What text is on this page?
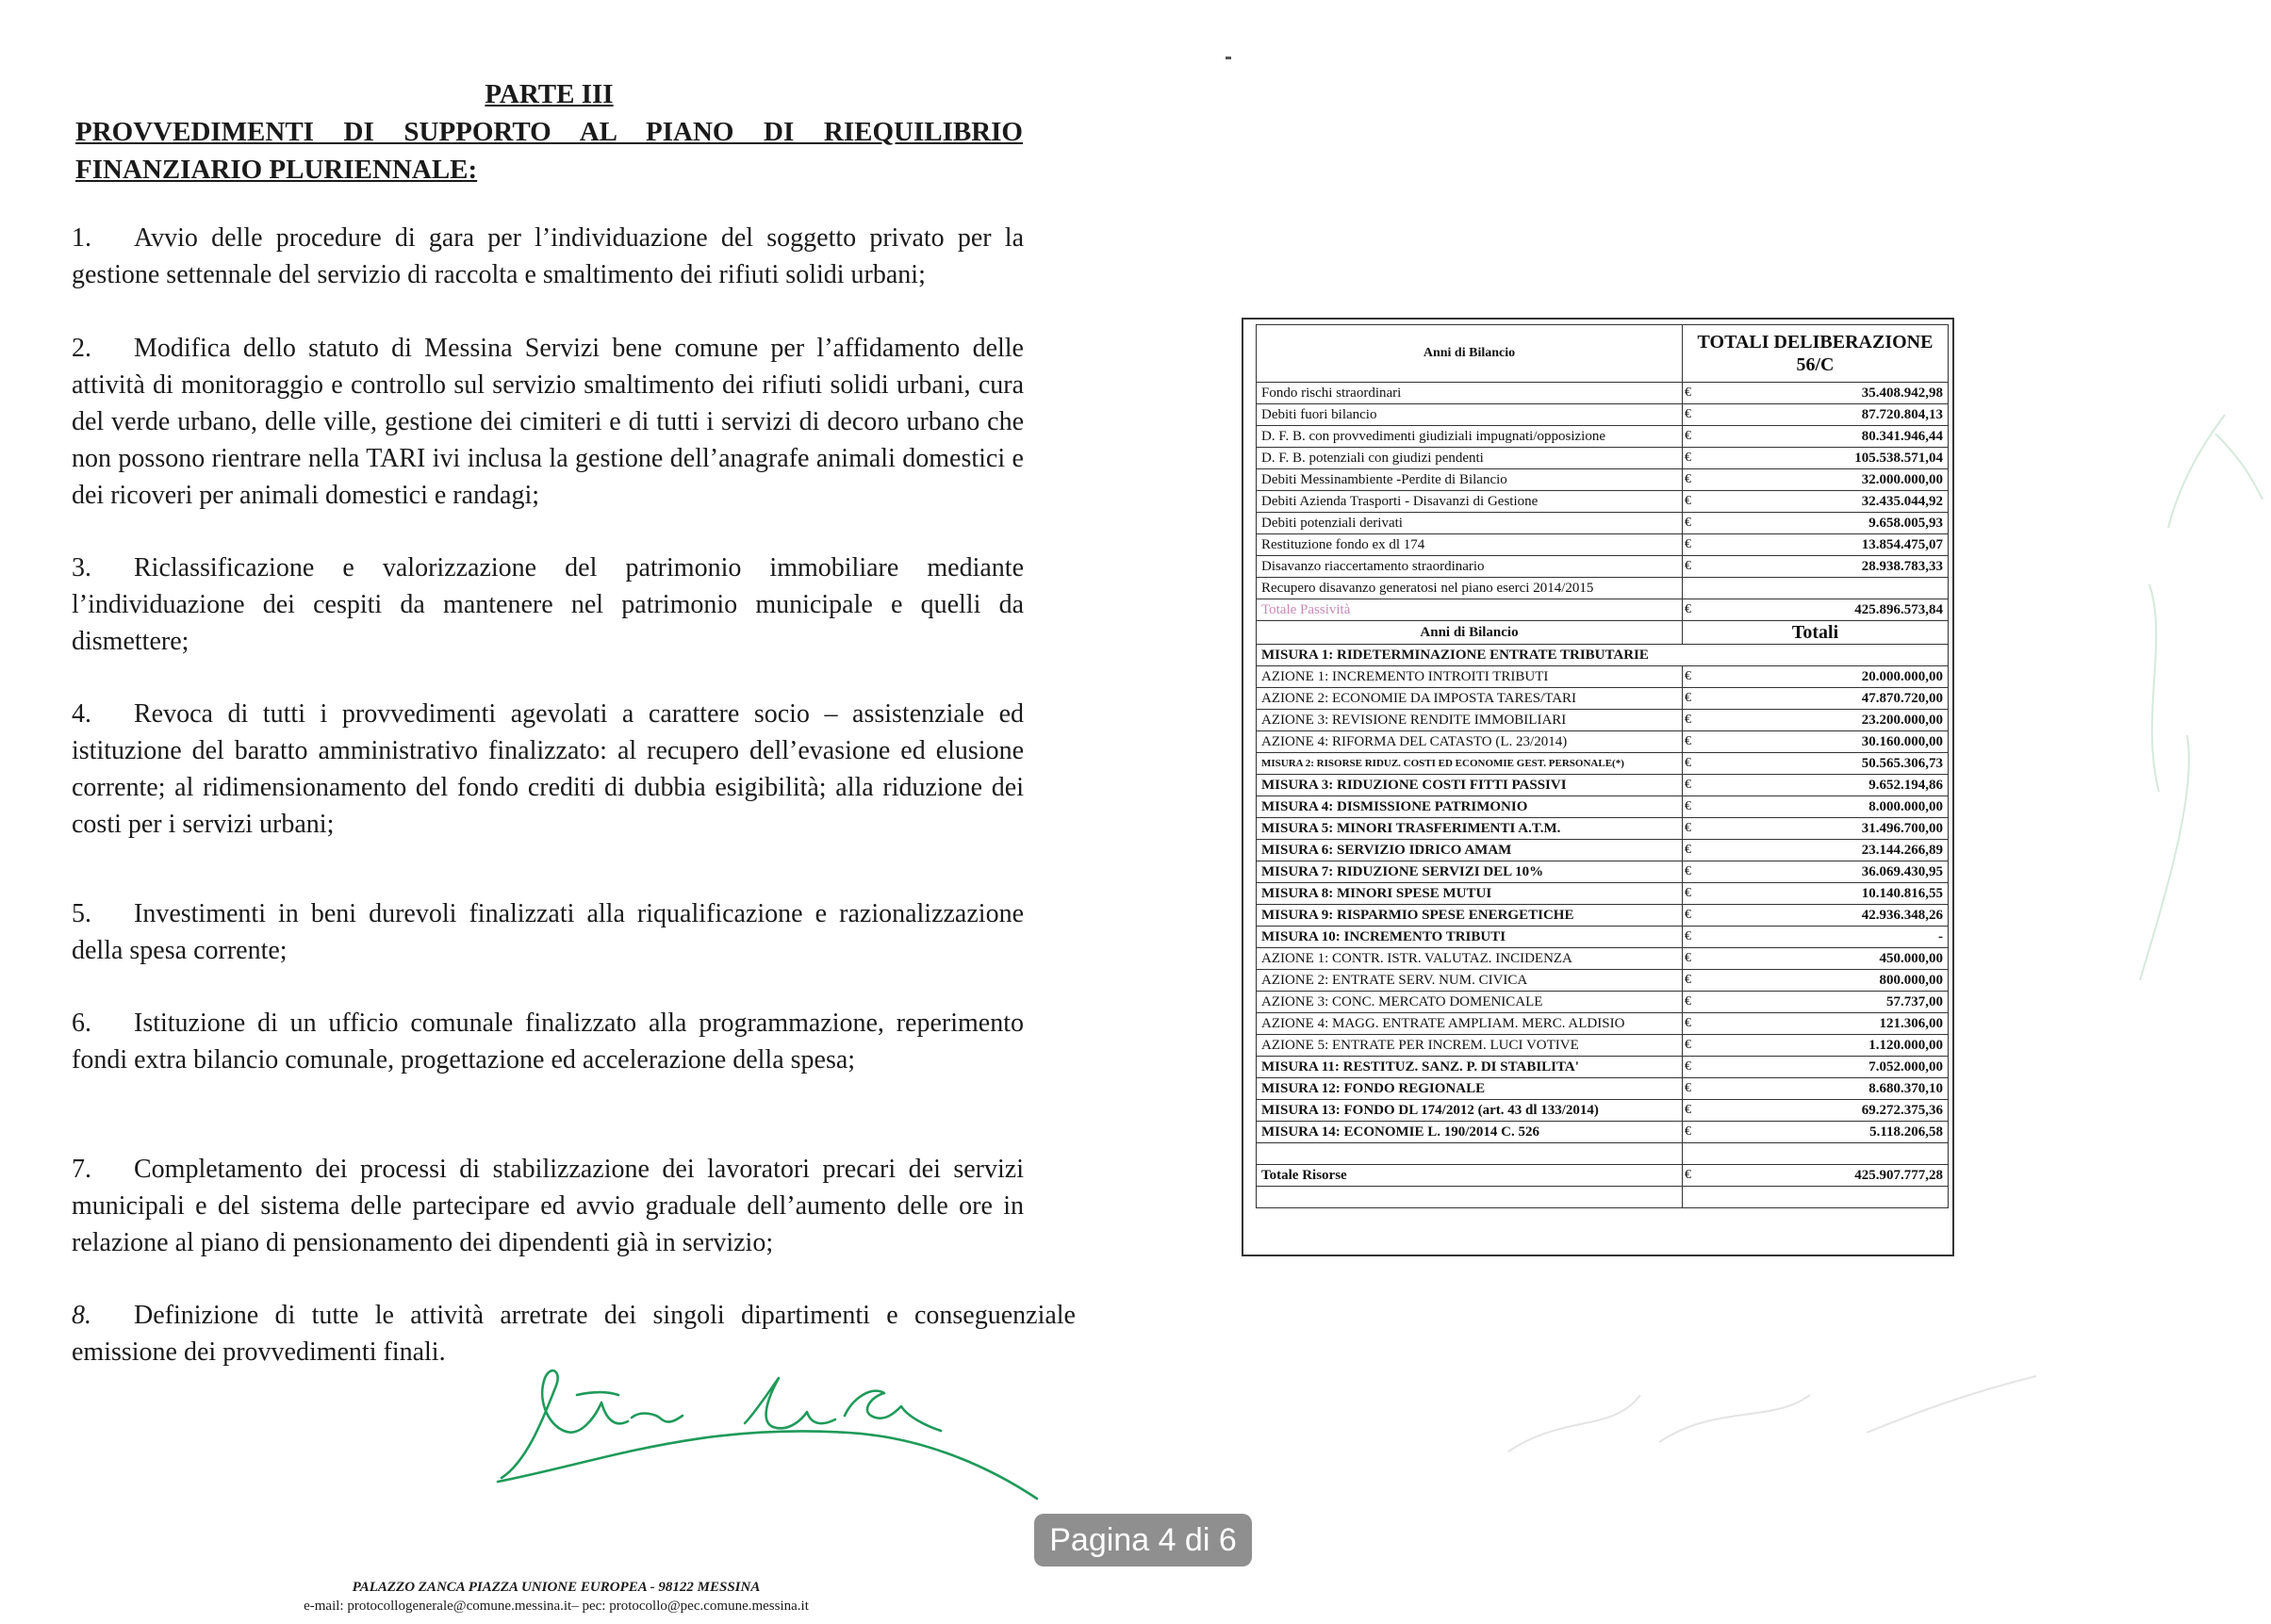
PARTE III
PROVVEDIMENTI DI SUPPORTO AL PIANO DI RIEQUILIBRIO
FINANZIARIO PLURIENNALE:
1. Avvio delle procedure di gara per l’individuazione del soggetto privato per la gestione settennale del servizio di raccolta e smaltimento dei rifiuti solidi urbani;
2. Modifica dello statuto di Messina Servizi bene comune per l’affidamento delle attività di monitoraggio e controllo sul servizio smaltimento dei rifiuti solidi urbani, cura del verde urbano, delle ville, gestione dei cimiteri e di tutti i servizi di decoro urbano che non possono rientrare nella TARI ivi inclusa la gestione dell’anagrafe animali domestici e dei ricoveri per animali domestici e randagi;
3. Riclassificazione e valorizzazione del patrimonio immobiliare mediante l’individuazione dei cespiti da mantenere nel patrimonio municipale e quelli da dismettere;
4. Revoca di tutti i provvedimenti agevolati a carattere socio – assistenziale ed istituzione del baratto amministrativo finalizzato: al recupero dell’evasione ed elusione corrente; al ridimensionamento del fondo crediti di dubbia esigibilità; alla riduzione dei costi per i servizi urbani;
5. Investimenti in beni durevoli finalizzati alla riqualificazione e razionalizzazione della spesa corrente;
6. Istituzione di un ufficio comunale finalizzato alla programmazione, reperimento fondi extra bilancio comunale, progettazione ed accelerazione della spesa;
7. Completamento dei processi di stabilizzazione dei lavoratori precari dei servizi municipali e del sistema delle partecipare ed avvio graduale dell’aumento delle ore in relazione al piano di pensionamento dei dipendenti già in servizio;
8. Definizione di tutte le attività arretrate dei singoli dipartimenti e conseguenziale emissione dei provvedimenti finali.
Anni di Bilancio	TOTALI DELIBERAZIONE 56/C	
Fondo rischi straordinari	€	35.408.942,98
Debiti fuori bilancio	€	87.720.804,13
D. F. B. con provvedimenti giudiziali impugnati/opposizione	€	80.341.946,44
D. F. B. potenziali con giudizi pendenti	€	105.538.571,04
Debiti Messinambiente -Perdite di Bilancio	€	32.000.000,00
Debiti Azienda Trasporti - Disavanzi di Gestione	€	32.435.044,92
Debiti potenziali derivati	€	9.658.005,93
Restituzione fondo ex dl 174	€	13.854.475,07
Disavanzo riaccertamento straordinario	€	28.938.783,33
Recupero disavanzo generatosi nel piano eserci 2014/2015		
Totale Passività	€	425.896.573,84
Anni di Bilancio	Totali	
MISURA 1: RIDETERMINAZIONE ENTRATE TRIBUTARIE		
AZIONE 1: INCREMENTO INTROITI TRIBUTI	€	20.000.000,00
AZIONE 2: ECONOMIE DA IMPOSTA TARES/TARI	€	47.870.720,00
AZIONE 3: REVISIONE RENDITE IMMOBILIARI	€	23.200.000,00
AZIONE 4: RIFORMA DEL CATASTO (L. 23/2014)	€	30.160.000,00
MISURA 2: RISORSE RIDUZ. COSTI ED ECONOMIE GEST. PERSONALE(*)	€	50.565.306,73
MISURA 3: RIDUZIONE COSTI FITTI PASSIVI	€	9.652.194,86
MISURA 4: DISMISSIONE PATRIMONIO	€	8.000.000,00
MISURA 5: MINORI TRASFERIMENTI A.T.M.	€	31.496.700,00
MISURA 6: SERVIZIO IDRICO AMAM	€	23.144.266,89
MISURA 7: RIDUZIONE SERVIZI DEL 10%	€	36.069.430,95
MISURA 8: MINORI SPESE MUTUI	€	10.140.816,55
MISURA 9: RISPARMIO SPESE ENERGETICHE	€	42.936.348,26
MISURA 10: INCREMENTO TRIBUTI	€	-
AZIONE 1: CONTR. ISTR. VALUTAZ. INCIDENZA	€	450.000,00
AZIONE 2: ENTRATE SERV. NUM. CIVICA	€	800.000,00
AZIONE 3: CONC. MERCATO DOMENICALE	€	57.737,00
AZIONE 4: MAGG. ENTRATE AMPLIAM. MERC. ALDISIO	€	121.306,00
AZIONE 5: ENTRATE PER INCREM. LUCI VOTIVE	€	1.120.000,00
MISURA 11: RESTITUZ. SANZ. P. DI STABILITA'	€	7.052.000,00
MISURA 12: FONDO REGIONALE	€	8.680.370,10
MISURA 13: FONDO DL 174/2012 (art. 43 dl 133/2014)	€	69.272.375,36
MISURA 14: ECONOMIE L. 190/2014 C. 526	€	5.118.206,58

Totale Risorse	€	425.907.777,28

Pagina 4 di 6
PALAZZO ZANCA PIAZZA UNIONE EUROPEA - 98122 MESSINA
e-mail: protocollogenerale@comune.messina.it– pec: protocollo@pec.comune.messina.it
